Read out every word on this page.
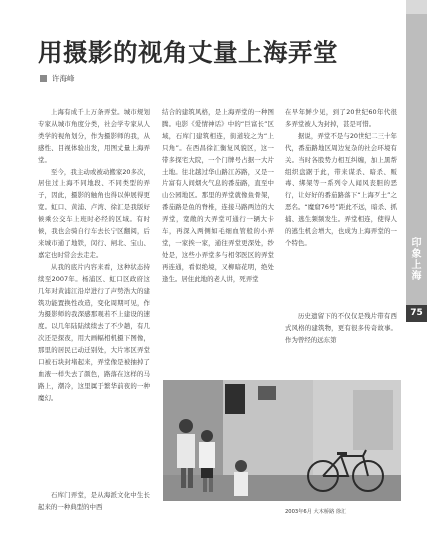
用摄影的视角丈量上海弄堂
许海峰

上海有成千上万条弄堂。城市规划专家从城市角度分类，社会学专家从人类学的视角划分，作为摄影师的我，从感性、目视体验出发，用图丈量上海弄堂。

至今，我主动或被动搬家20多次，居住过上海不同地段、不同类型的弄子，因此，摄影的触角也得以伸展得更宽。虹口、黄浦、卢湾、徐汇是我版好候乘公交车上班时必经的区域。有时候，我也会骑自行车去长宁区翻阅，后来城市通了地铁，闵行、闸北、宝山、嘉定也时常会去走走。

从我的底片内容来看，这种状态持续至2007年。杨浦区、虹口区政府这几年对黄浦江沿岸进行了声势浩大的建筑功能置换性改造，变化周期可见，作为摄影师的我深感那观若不上建设的速度。以几年陆陆续续去了不少趟，有几次还是探夜，用大画幅相机摄下图像，那里的居民已动迁别处，大片寒区弄堂口被石块封堵起来，弄堂像是被抽掉了血液一样失去了颜色，路落在这样的马路上，潮冷，这里属于繁华前夜的一种魔幻。

石库门弄堂，是从海派文化中生长起来的一种典型的中西

结合的建筑风格，是上海弄堂的一种图腾。电影《爱情神话》中的“巨富长”区域，石库门建筑相连，街道较之为“上只角”。在西昌徐汇衡复风貌区，这一带多探宅大院，一个门牌号占据一大片土地。往北越过华山路江苏路，又是一片富有人间烟火气息的番茄路，直至中山公园地区。那里的弄堂就像鱼骨架，番茄路是鱼的脊椎，连接马路两边的大弄堂，宽敞的大弄堂可通行一辆大卡车，再深入两侧如毛细血管般的小弄堂，一家挨一家，通往弄堂更深处，纱处是，这些小弄堂多与相邻医区的弄堂再连通，看似绝境，又柳暗花明，绝处逢生。居住此地的老人讲，死弄堂

在早年鲜少见，到了20世纪60年代很多弄堂被人为封掉，甚是可惜。

据说，弄堂不是与20世纪二三十年代，番茄路地区周边复杂的社会环境有关。当时各股势力相互纠缠，加上黑帮组织盘踞于此，带来谋杀、暗杀、贩毒、绑架等一系列令人闻风丧胆的恶行，让好好的番茄路落下“上海歹土”之恶名。“魔窟76号”距此不远，暗杀、抓捕、逃生频频发生。弄堂相连，使得人的逃生机会增大，也成为上海弄堂的一个特色。

历史遗留下的不仅仅是残片带有西式风格的建筑物，更有很多传奇故事。作为曾经的远东第

2003年6月 大木桥路 徐汇
印
象
上
海
75
